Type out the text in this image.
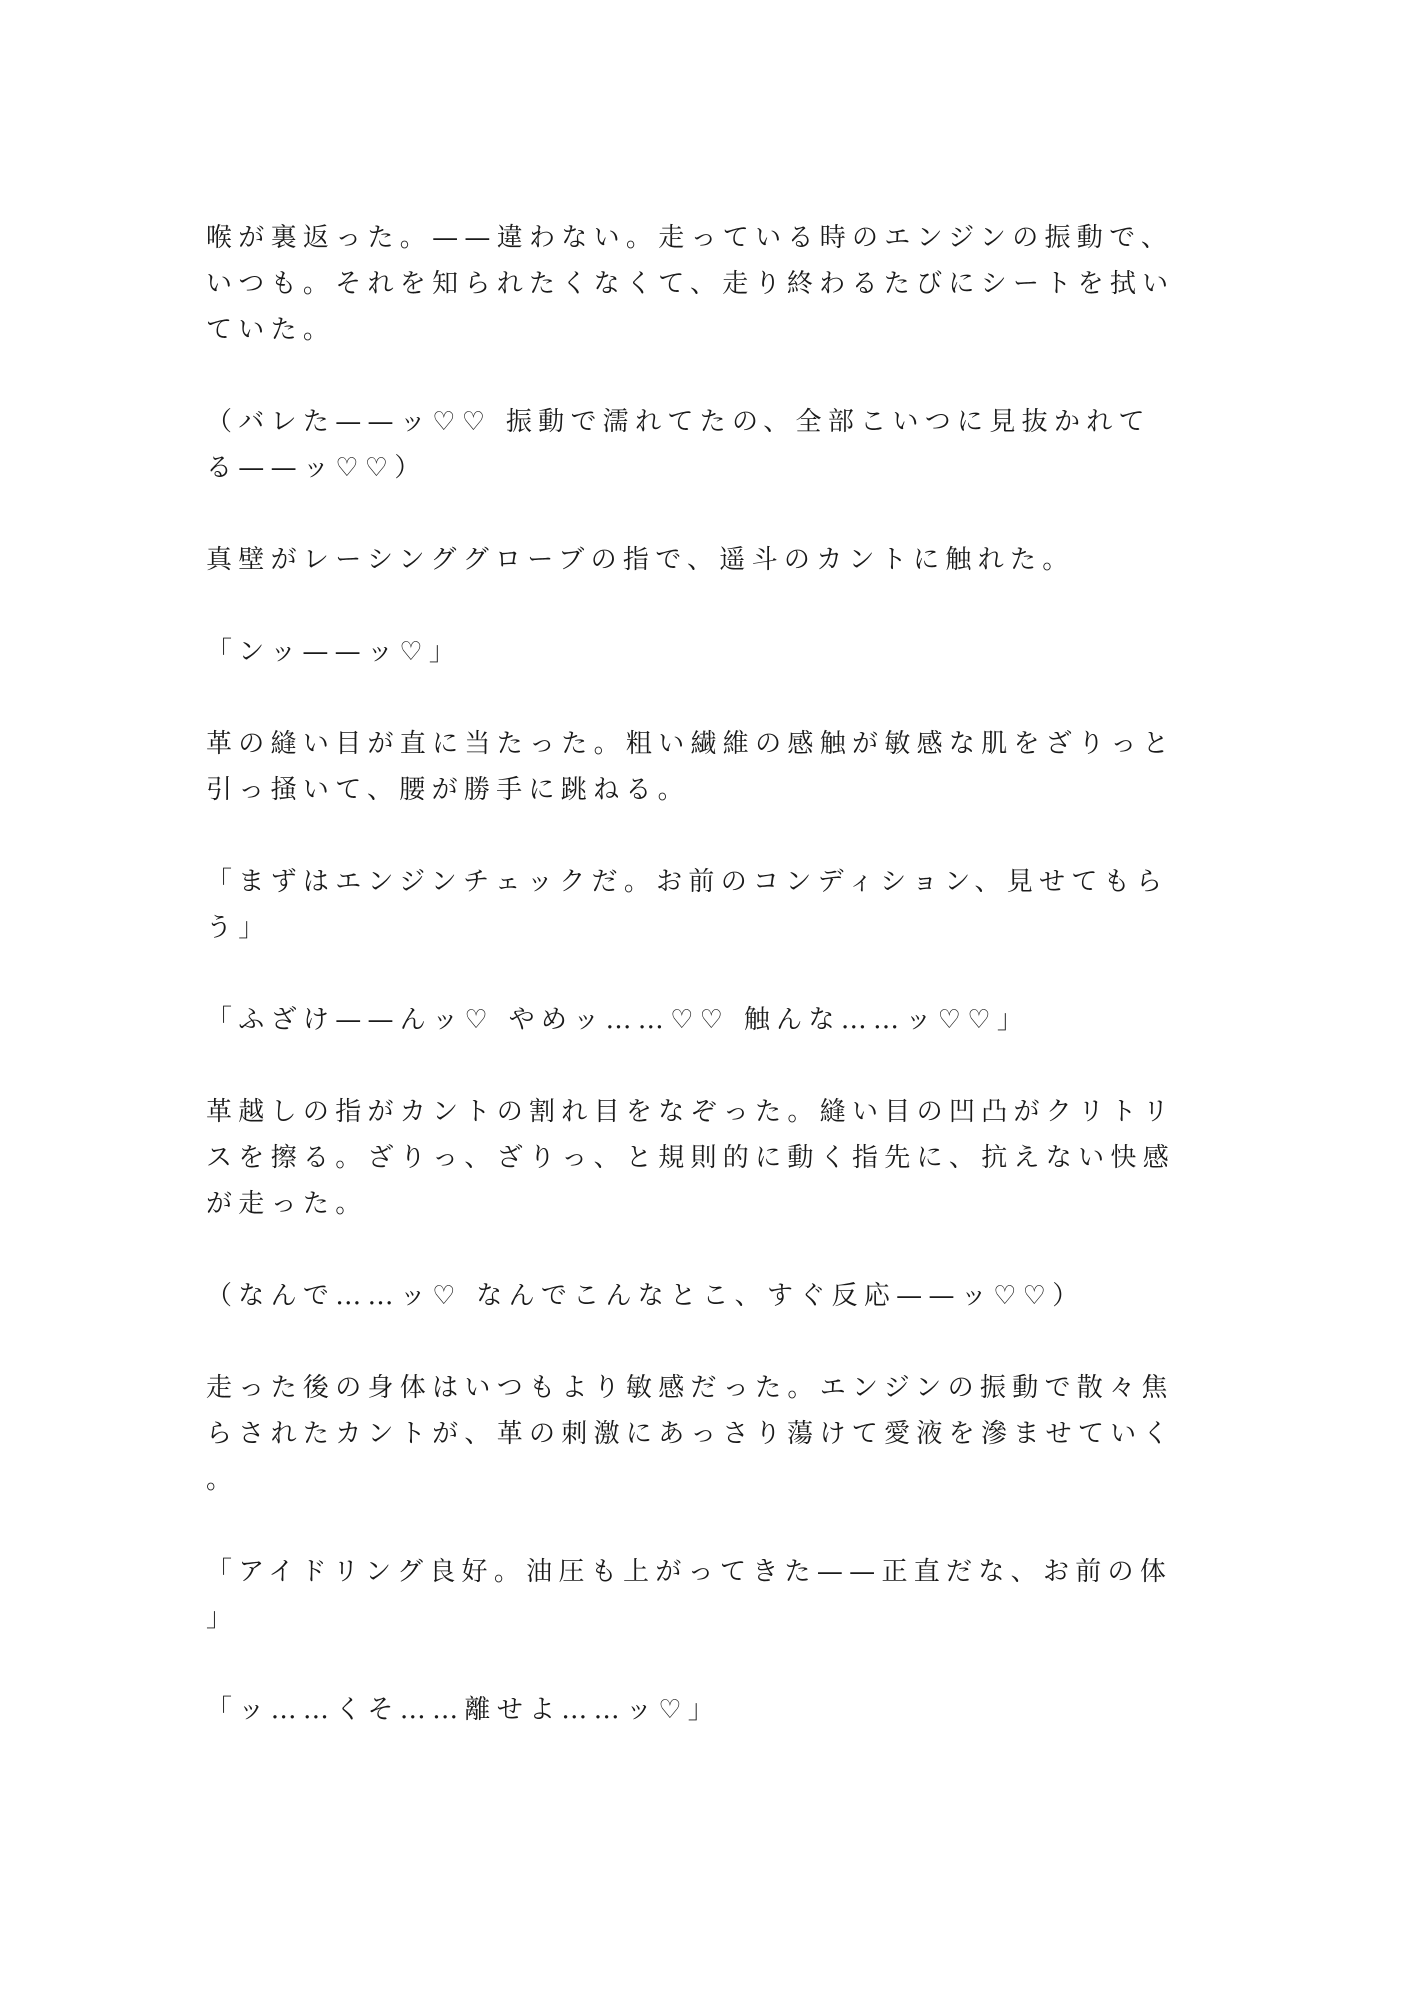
喉が裏返った。——違わない。走っている時のエンジンの振動で、
いつも。それを知られたくなくて、走り終わるたびにシートを拭い
ていた。
（バレた——ッ♡♡ 振動で濡れてたの、全部こいつに見抜かれて
る——ッ♡♡）
真壁がレーシンググローブの指で、遥斗のカントに触れた。
「ンッ——ッ♡」
革の縫い目が直に当たった。粗い繊維の感触が敏感な肌をざりっと
引っ掻いて、腰が勝手に跳ねる。
「まずはエンジンチェックだ。お前のコンディション、見せてもら
う」
「ふざけ——んッ♡ やめッ……♡♡ 触んな……ッ♡♡」
革越しの指がカントの割れ目をなぞった。縫い目の凹凸がクリトリ
スを擦る。ざりっ、ざりっ、と規則的に動く指先に、抗えない快感
が走った。
（なんで……ッ♡ なんでこんなとこ、すぐ反応——ッ♡♡）
走った後の身体はいつもより敏感だった。エンジンの振動で散々焦
らされたカントが、革の刺激にあっさり蕩けて愛液を滲ませていく
。
「アイドリング良好。油圧も上がってきた——正直だな、お前の体
」
「ッ……くそ……離せよ……ッ♡」
